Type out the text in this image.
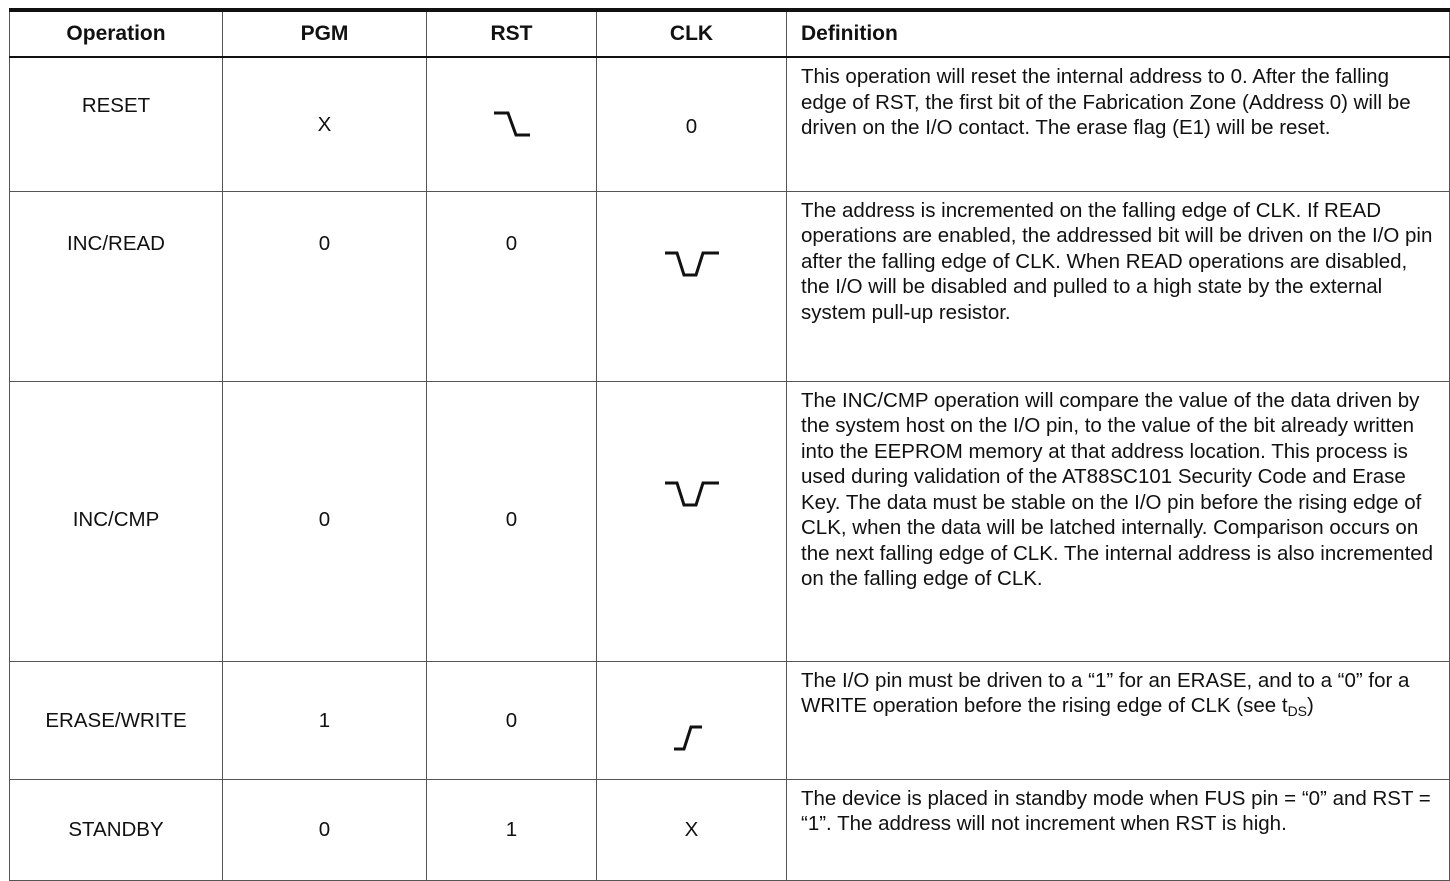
Operation	PGM	RST	CLK	Definition
RESET	X		0	This operation will reset the internal address to 0. After the falling edge of RST, the first bit of the Fabrication Zone (Address 0) will be driven on the I/O contact. The erase flag (E1) will be reset.
INC/READ	0	0		The address is incremented on the falling edge of CLK. If READ operations are enabled, the addressed bit will be driven on the I/O pin after the falling edge of CLK. When READ operations are disabled, the I/O will be disabled and pulled to a high state by the external system pull-up resistor.
INC/CMP	0	0		The INC/CMP operation will compare the value of the data driven by the system host on the I/O pin, to the value of the bit already written into the EEPROM memory at that address location. This process is used during validation of the AT88SC101 Security Code and Erase Key. The data must be stable on the I/O pin before the rising edge of CLK, when the data will be latched internally. Comparison occurs on the next falling edge of CLK. The internal address is also incremented on the falling edge of CLK.
ERASE/WRITE	1	0		The I/O pin must be driven to a “1” for an ERASE, and to a “0” for a WRITE operation before the rising edge of CLK (see $t_{DS}$)
STANDBY	0	1	X	The device is placed in standby mode when FUS pin = “0” and RST = “1”. The address will not increment when RST is high.
